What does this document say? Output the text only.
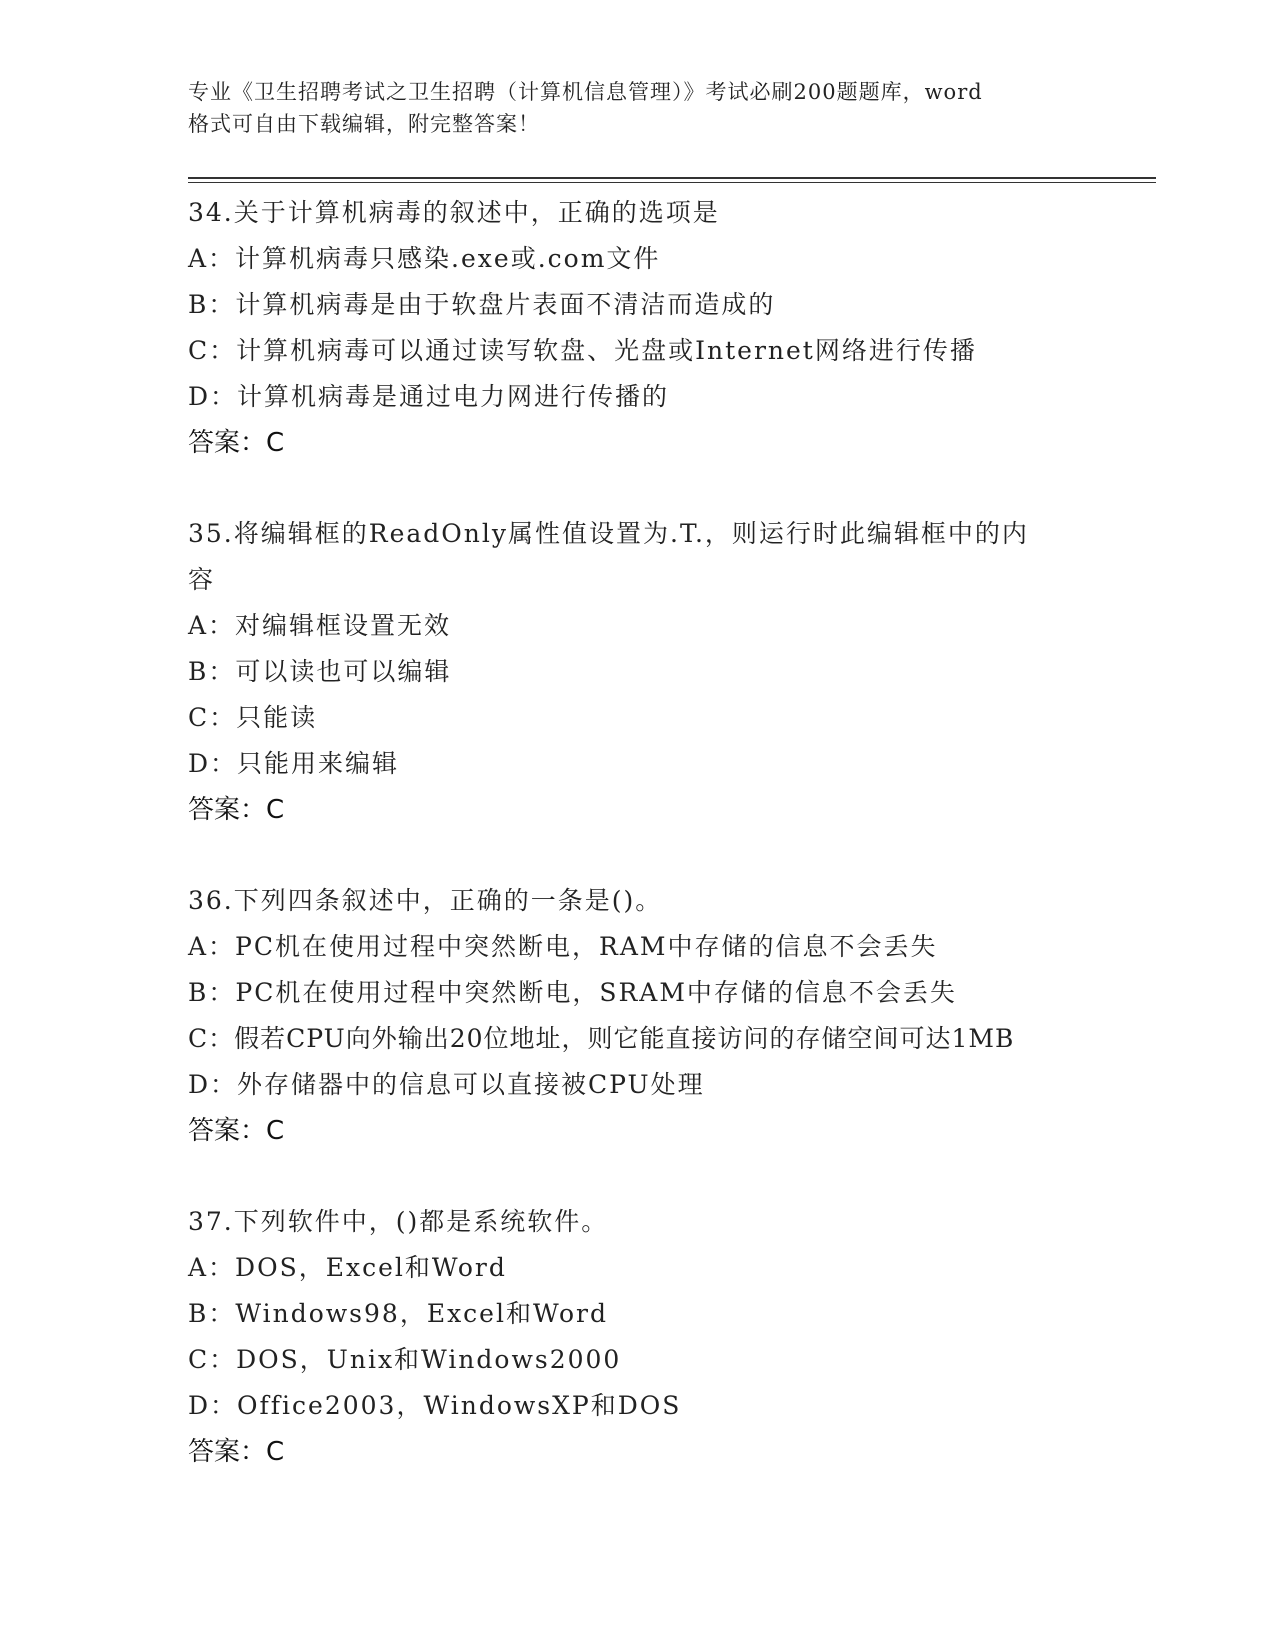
专业《卫生招聘考试之卫生招聘（计算机信息管理）》考试必刷200题题库，word
格式可自由下载编辑，附完整答案！
34.关于计算机病毒的叙述中，正确的选项是
A：计算机病毒只感染.exe或.com文件
B：计算机病毒是由于软盘片表面不清洁而造成的
C：计算机病毒可以通过读写软盘、光盘或Internet网络进行传播
D：计算机病毒是通过电力网进行传播的
答案：C
35.将编辑框的ReadOnly属性值设置为.T.，则运行时此编辑框中的内容
A：对编辑框设置无效
B：可以读也可以编辑
C：只能读
D：只能用来编辑
答案：C
36.下列四条叙述中，正确的一条是()。
A：PC机在使用过程中突然断电，RAM中存储的信息不会丢失
B：PC机在使用过程中突然断电，SRAM中存储的信息不会丢失
C：假若CPU向外输出20位地址，则它能直接访问的存储空间可达1MB
D：外存储器中的信息可以直接被CPU处理
答案：C
37.下列软件中，()都是系统软件。
A：DOS，Excel和Word
B：Windows98，Excel和Word
C：DOS，Unix和Windows2000
D：Office2003，WindowsXP和DOS
答案：C
